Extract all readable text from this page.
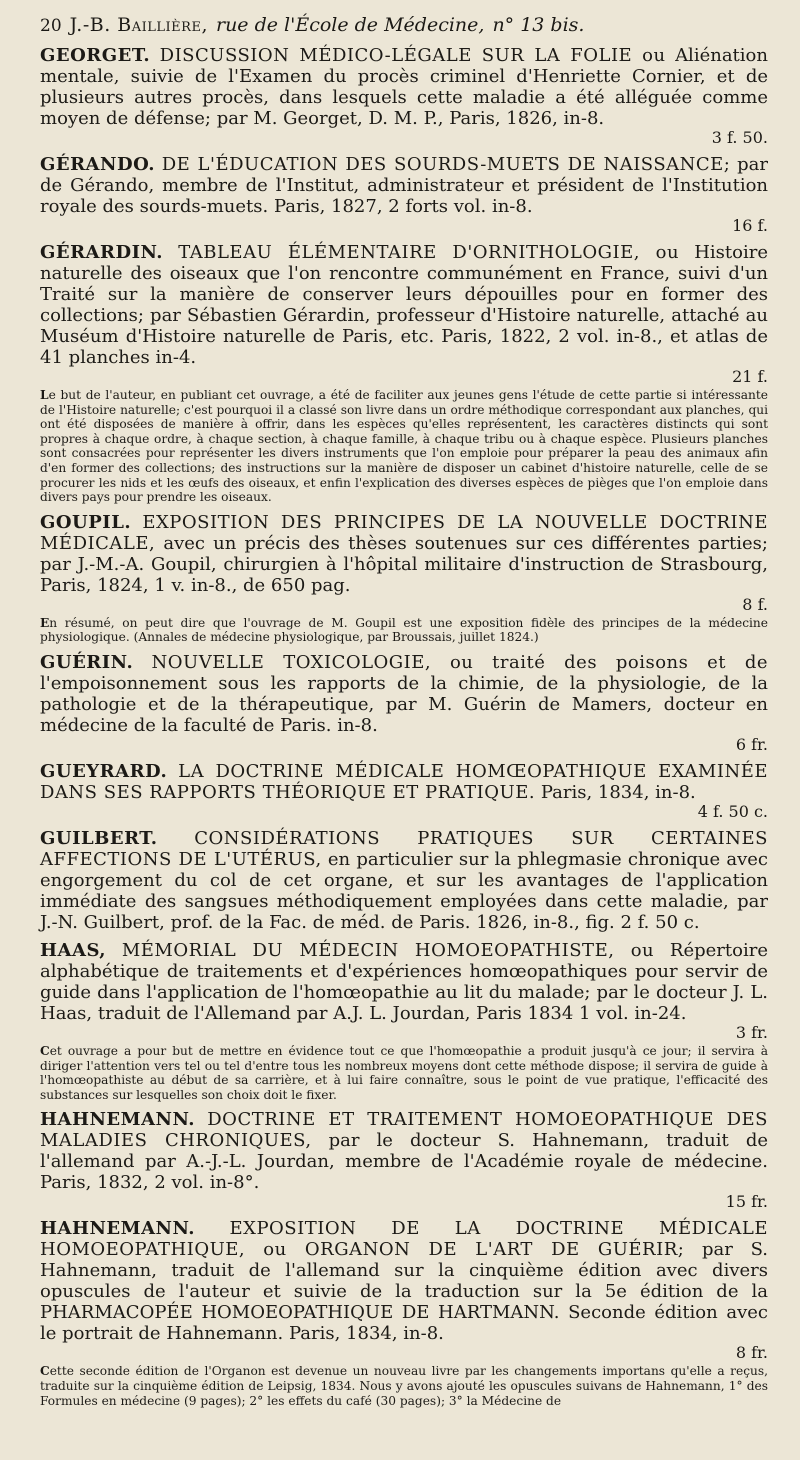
20 J.-B. Baillière, rue de l'École de Médecine, n° 13 bis.

GEORGET. DISCUSSION MÉDICO-LÉGALE SUR LA FOLIE ou Aliénation mentale, suivie de l'Examen du procès criminel d'Henriette Cornier, et de plusieurs autres procès, dans lesquels cette maladie a été alléguée comme moyen de défense; par M. Georget, D. M. P., Paris, 1826, in-8.

3 f. 50.

GÉRANDO. DE L'ÉDUCATION DES SOURDS-MUETS DE NAISSANCE; par de Gérando, membre de l'Institut, administrateur et président de l'Institution royale des sourds-muets. Paris, 1827, 2 forts vol. in-8.

16 f.

GÉRARDIN. TABLEAU ÉLÉMENTAIRE D'ORNITHOLOGIE, ou Histoire naturelle des oiseaux que l'on rencontre communément en France, suivi d'un Traité sur la manière de conserver leurs dépouilles pour en former des collections; par Sébastien Gérardin, professeur d'Histoire naturelle, attaché au Muséum d'Histoire naturelle de Paris, etc. Paris, 1822, 2 vol. in-8., et atlas de 41 planches in-4.

21 f.

Le but de l'auteur, en publiant cet ouvrage, a été de faciliter aux jeunes gens l'étude de cette partie si intéressante de l'Histoire naturelle; c'est pourquoi il a classé son livre dans un ordre méthodique correspondant aux planches, qui ont été disposées de manière à offrir, dans les espèces qu'elles représentent, les caractères distincts qui sont propres à chaque ordre, à chaque section, à chaque famille, à chaque tribu ou à chaque espèce. Plusieurs planches sont consacrées pour représenter les divers instruments que l'on emploie pour préparer la peau des animaux afin d'en former des collections; des instructions sur la manière de disposer un cabinet d'histoire naturelle, celle de se procurer les nids et les œufs des oiseaux, et enfin l'explication des diverses espèces de pièges que l'on emploie dans divers pays pour prendre les oiseaux.

GOUPIL. EXPOSITION DES PRINCIPES DE LA NOUVELLE DOCTRINE MÉDICALE, avec un précis des thèses soutenues sur ces différentes parties; par J.-M.-A. Goupil, chirurgien à l'hôpital militaire d'instruction de Strasbourg, Paris, 1824, 1 v. in-8., de 650 pag.

8 f.

En résumé, on peut dire que l'ouvrage de M. Goupil est une exposition fidèle des principes de la médecine physiologique. (Annales de médecine physiologique, par Broussais, juillet 1824.)

GUÉRIN. NOUVELLE TOXICOLOGIE, ou traité des poisons et de l'empoisonnement sous les rapports de la chimie, de la physiologie, de la pathologie et de la thérapeutique, par M. Guérin de Mamers, docteur en médecine de la faculté de Paris. in-8.

6 fr.

GUEYRARD. LA DOCTRINE MÉDICALE HOMŒOPATHIQUE EXAMINÉE DANS SES RAPPORTS THÉORIQUE ET PRATIQUE. Paris, 1834, in-8.

4 f. 50 c.

GUILBERT. CONSIDÉRATIONS PRATIQUES SUR CERTAINES AFFECTIONS DE L'UTÉRUS, en particulier sur la phlegmasie chronique avec engorgement du col de cet organe, et sur les avantages de l'application immédiate des sangsues méthodiquement employées dans cette maladie, par J.-N. Guilbert, prof. de la Fac. de méd. de Paris. 1826, in-8., fig. 2 f. 50 c.

HAAS, MÉMORIAL DU MÉDECIN HOMOEOPATHISTE, ou Répertoire alphabétique de traitements et d'expériences homœopathiques pour servir de guide dans l'application de l'homœopathie au lit du malade; par le docteur J. L. Haas, traduit de l'Allemand par A.J. L. Jourdan, Paris 1834 1 vol. in-24.

3 fr.

Cet ouvrage a pour but de mettre en évidence tout ce que l'homœopathie a produit jusqu'à ce jour; il servira à diriger l'attention vers tel ou tel d'entre tous les nombreux moyens dont cette méthode dispose; il servira de guide à l'homœopathiste au début de sa carrière, et à lui faire connaître, sous le point de vue pratique, l'efficacité des substances sur lesquelles son choix doit le fixer.

HAHNEMANN. DOCTRINE ET TRAITEMENT HOMOEOPATHIQUE DES MALADIES CHRONIQUES, par le docteur S. Hahnemann, traduit de l'allemand par A.-J.-L. Jourdan, membre de l'Académie royale de médecine. Paris, 1832, 2 vol. in-8°.

15 fr.

HAHNEMANN. EXPOSITION DE LA DOCTRINE MÉDICALE HOMOEOPATHIQUE, ou ORGANON DE L'ART DE GUÉRIR; par S. Hahnemann, traduit de l'allemand sur la cinquième édition avec divers opuscules de l'auteur et suivie de la traduction sur la 5e édition de la PHARMACOPÉE HOMOEOPATHIQUE DE HARTMANN. Seconde édition avec le portrait de Hahnemann. Paris, 1834, in-8.

8 fr.

Cette seconde édition de l'Organon est devenue un nouveau livre par les changements importans qu'elle a reçus, traduite sur la cinquième édition de Leipsig, 1834. Nous y avons ajouté les opuscules suivans de Hahnemann, 1° des Formules en médecine (9 pages); 2° les effets du café (30 pages); 3° la Médecine de
